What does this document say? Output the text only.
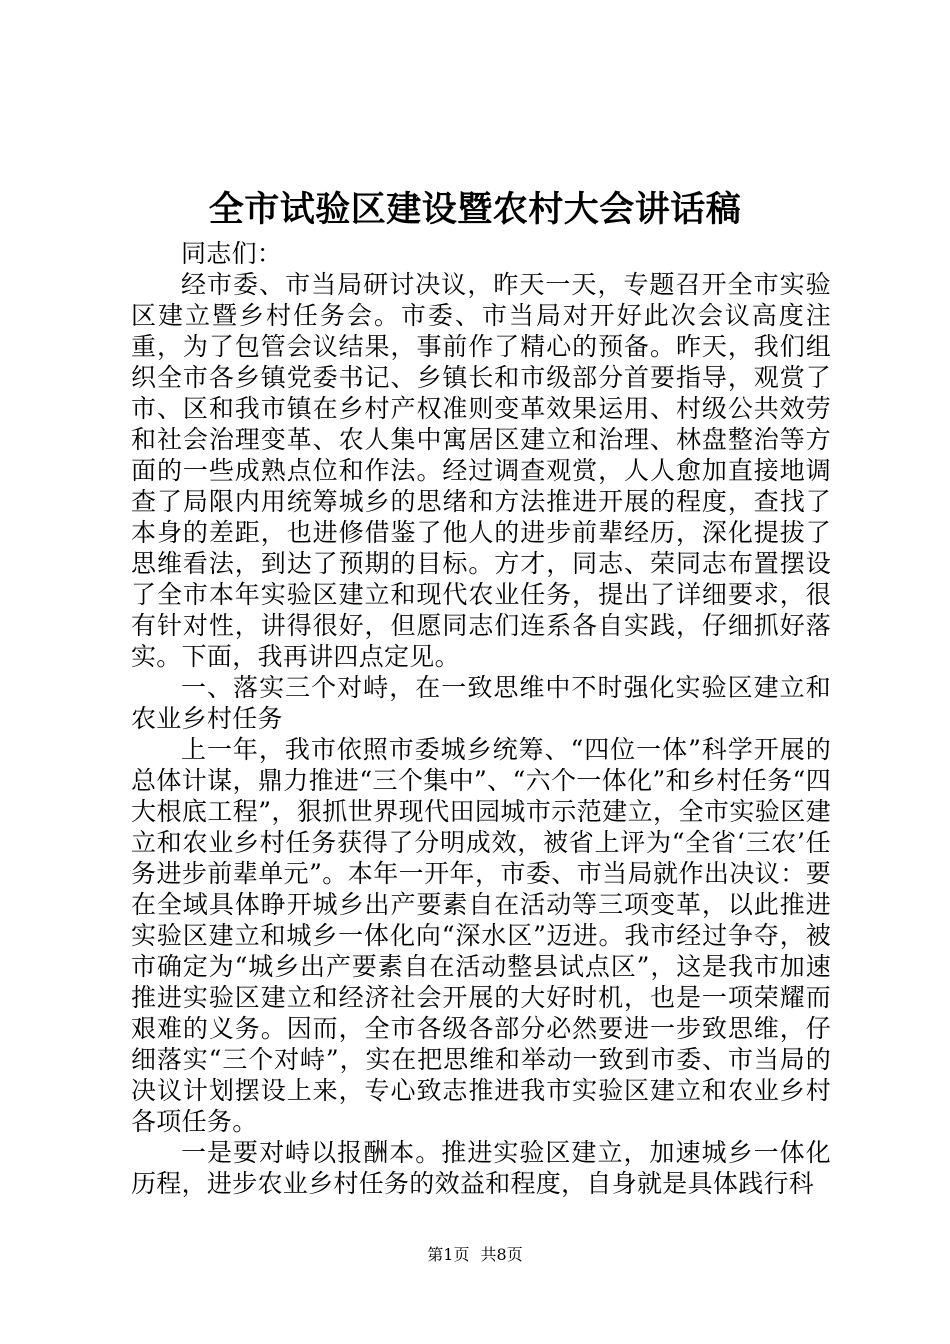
全市试验区建设暨农村大会讲话稿

同志们：

经市委、市当局研讨决议，昨天一天，专题召开全市实验区建立暨乡村任务会。市委、市当局对开好此次会议高度注重，为了包管会议结果，事前作了精心的预备。昨天，我们组织全市各乡镇党委书记、乡镇长和市级部分首要指导，观赏了市、区和我市镇在乡村产权准则变革效果运用、村级公共效劳和社会治理变革、农人集中寓居区建立和治理、林盘整治等方面的一些成熟点位和作法。经过调查观赏，人人愈加直接地调查了局限内用统筹城乡的思绪和方法推进开展的程度，查找了本身的差距，也进修借鉴了他人的进步前辈经历，深化提拔了思维看法，到达了预期的目标。方才，同志、荣同志布置摆设了全市本年实验区建立和现代农业任务，提出了详细要求，很有针对性，讲得很好，但愿同志们连系各自实践，仔细抓好落实。下面，我再讲四点定见。

一、落实三个对峙，在一致思维中不时强化实验区建立和农业乡村任务

上一年，我市依照市委城乡统筹、“四位一体”科学开展的总体计谋，鼎力推进“三个集中”、“六个一体化”和乡村任务“四大根底工程”，狠抓世界现代田园城市示范建立，全市实验区建立和农业乡村任务获得了分明成效，被省上评为“全省‘三农’任务进步前辈单元”。本年一开年，市委、市当局就作出决议：要在全域具体睁开城乡出产要素自在活动等三项变革，以此推进实验区建立和城乡一体化向“深水区”迈进。我市经过争夺，被市确定为“城乡出产要素自在活动整县试点区”，这是我市加速推进实验区建立和经济社会开展的大好时机，也是一项荣耀而艰难的义务。因而，全市各级各部分必然要进一步致思维，仔细落实“三个对峙”，实在把思维和举动一致到市委、市当局的决议计划摆设上来，专心致志推进我市实验区建立和农业乡村各项任务。

一是要对峙以报酬本。推进实验区建立，加速城乡一体化历程，进步农业乡村任务的效益和程度，自身就是具体践行科

第1页 共8页
